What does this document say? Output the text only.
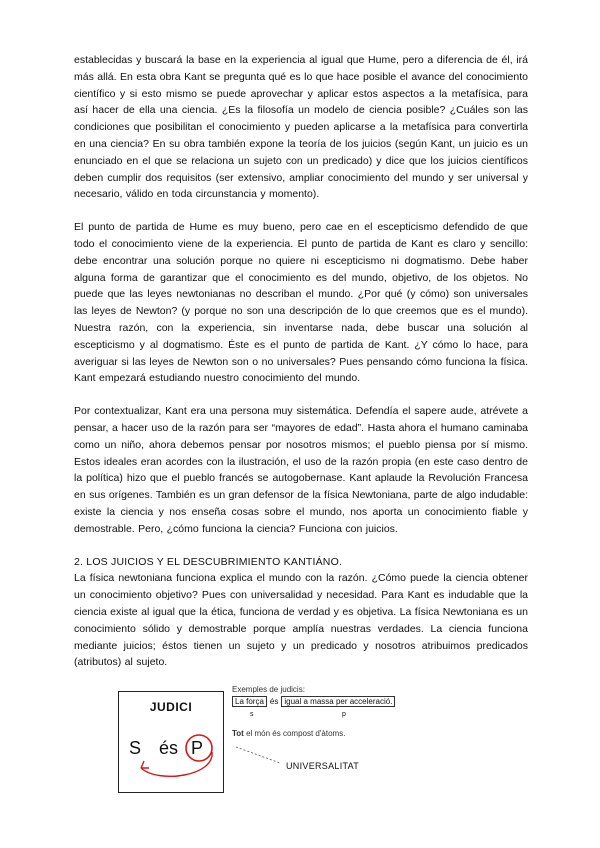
establecidas y buscará la base en la experiencia al igual que Hume, pero a diferencia de él, irá más allá. En esta obra Kant se pregunta qué es lo que hace posible el avance del conocimiento científico y si esto mismo se puede aprovechar y aplicar estos aspectos a la metafísica, para así hacer de ella una ciencia. ¿Es la filosofía un modelo de ciencia posible? ¿Cuáles son las condiciones que posibilitan el conocimiento y pueden aplicarse a la metafísica para convertirla en una ciencia? En su obra también expone la teoría de los juicios (según Kant, un juicio es un enunciado en el que se relaciona un sujeto con un predicado) y dice que los juicios científicos deben cumplir dos requisitos (ser extensivo, ampliar conocimiento del mundo y ser universal y necesario, válido en toda circunstancia y momento).

El punto de partida de Hume es muy bueno, pero cae en el escepticismo defendido de que todo el conocimiento viene de la experiencia. El punto de partida de Kant es claro y sencillo: debe encontrar una solución porque no quiere ni escepticismo ni dogmatismo. Debe haber alguna forma de garantizar que el conocimiento es del mundo, objetivo, de los objetos. No puede que las leyes newtonianas no describan el mundo. ¿Por qué (y cómo) son universales las leyes de Newton? (y porque no son una descripción de lo que creemos que es el mundo). Nuestra razón, con la experiencia, sin inventarse nada, debe buscar una solución al escepticismo y al dogmatismo. Éste es el punto de partida de Kant. ¿Y cómo lo hace, para averiguar si las leyes de Newton son o no universales? Pues pensando cómo funciona la física. Kant empezará estudiando nuestro conocimiento del mundo.

Por contextualizar, Kant era una persona muy sistemática. Defendía el sapere aude, atrévete a pensar, a hacer uso de la razón para ser “mayores de edad”. Hasta ahora el humano caminaba como un niño, ahora debemos pensar por nosotros mismos; el pueblo piensa por sí mismo. Estos ideales eran acordes con la ilustración, el uso de la razón propia (en este caso dentro de la política) hizo que el pueblo francés se autogobernase. Kant aplaude la Revolución Francesa en sus orígenes. También es un gran defensor de la física Newtoniana, parte de algo indudable: existe la ciencia y nos enseña cosas sobre el mundo, nos aporta un conocimiento fiable y demostrable. Pero, ¿cómo funciona la ciencia? Funciona con juicios.

2. LOS JUICIOS Y EL DESCUBRIMIENTO KANTIÁNO.

La física newtoniana funciona explica el mundo con la razón. ¿Cómo puede la ciencia obtener un conocimiento objetivo? Pues con universalidad y necesidad. Para Kant es indudable que la ciencia existe al igual que la ética, funciona de verdad y es objetiva. La física Newtoniana es un conocimiento sólido y demostrable porque amplía nuestras verdades. La ciencia funciona mediante juicios; éstos tienen un sujeto y un predicado y nosotros atribuimos predicados (atributos) al sujeto.

JUDICI
S és P
Exemples de judicis:
La força és igual a massa per acceleració.
s	p
Tot el món és compost d'àtoms.
UNIVERSALITAT
